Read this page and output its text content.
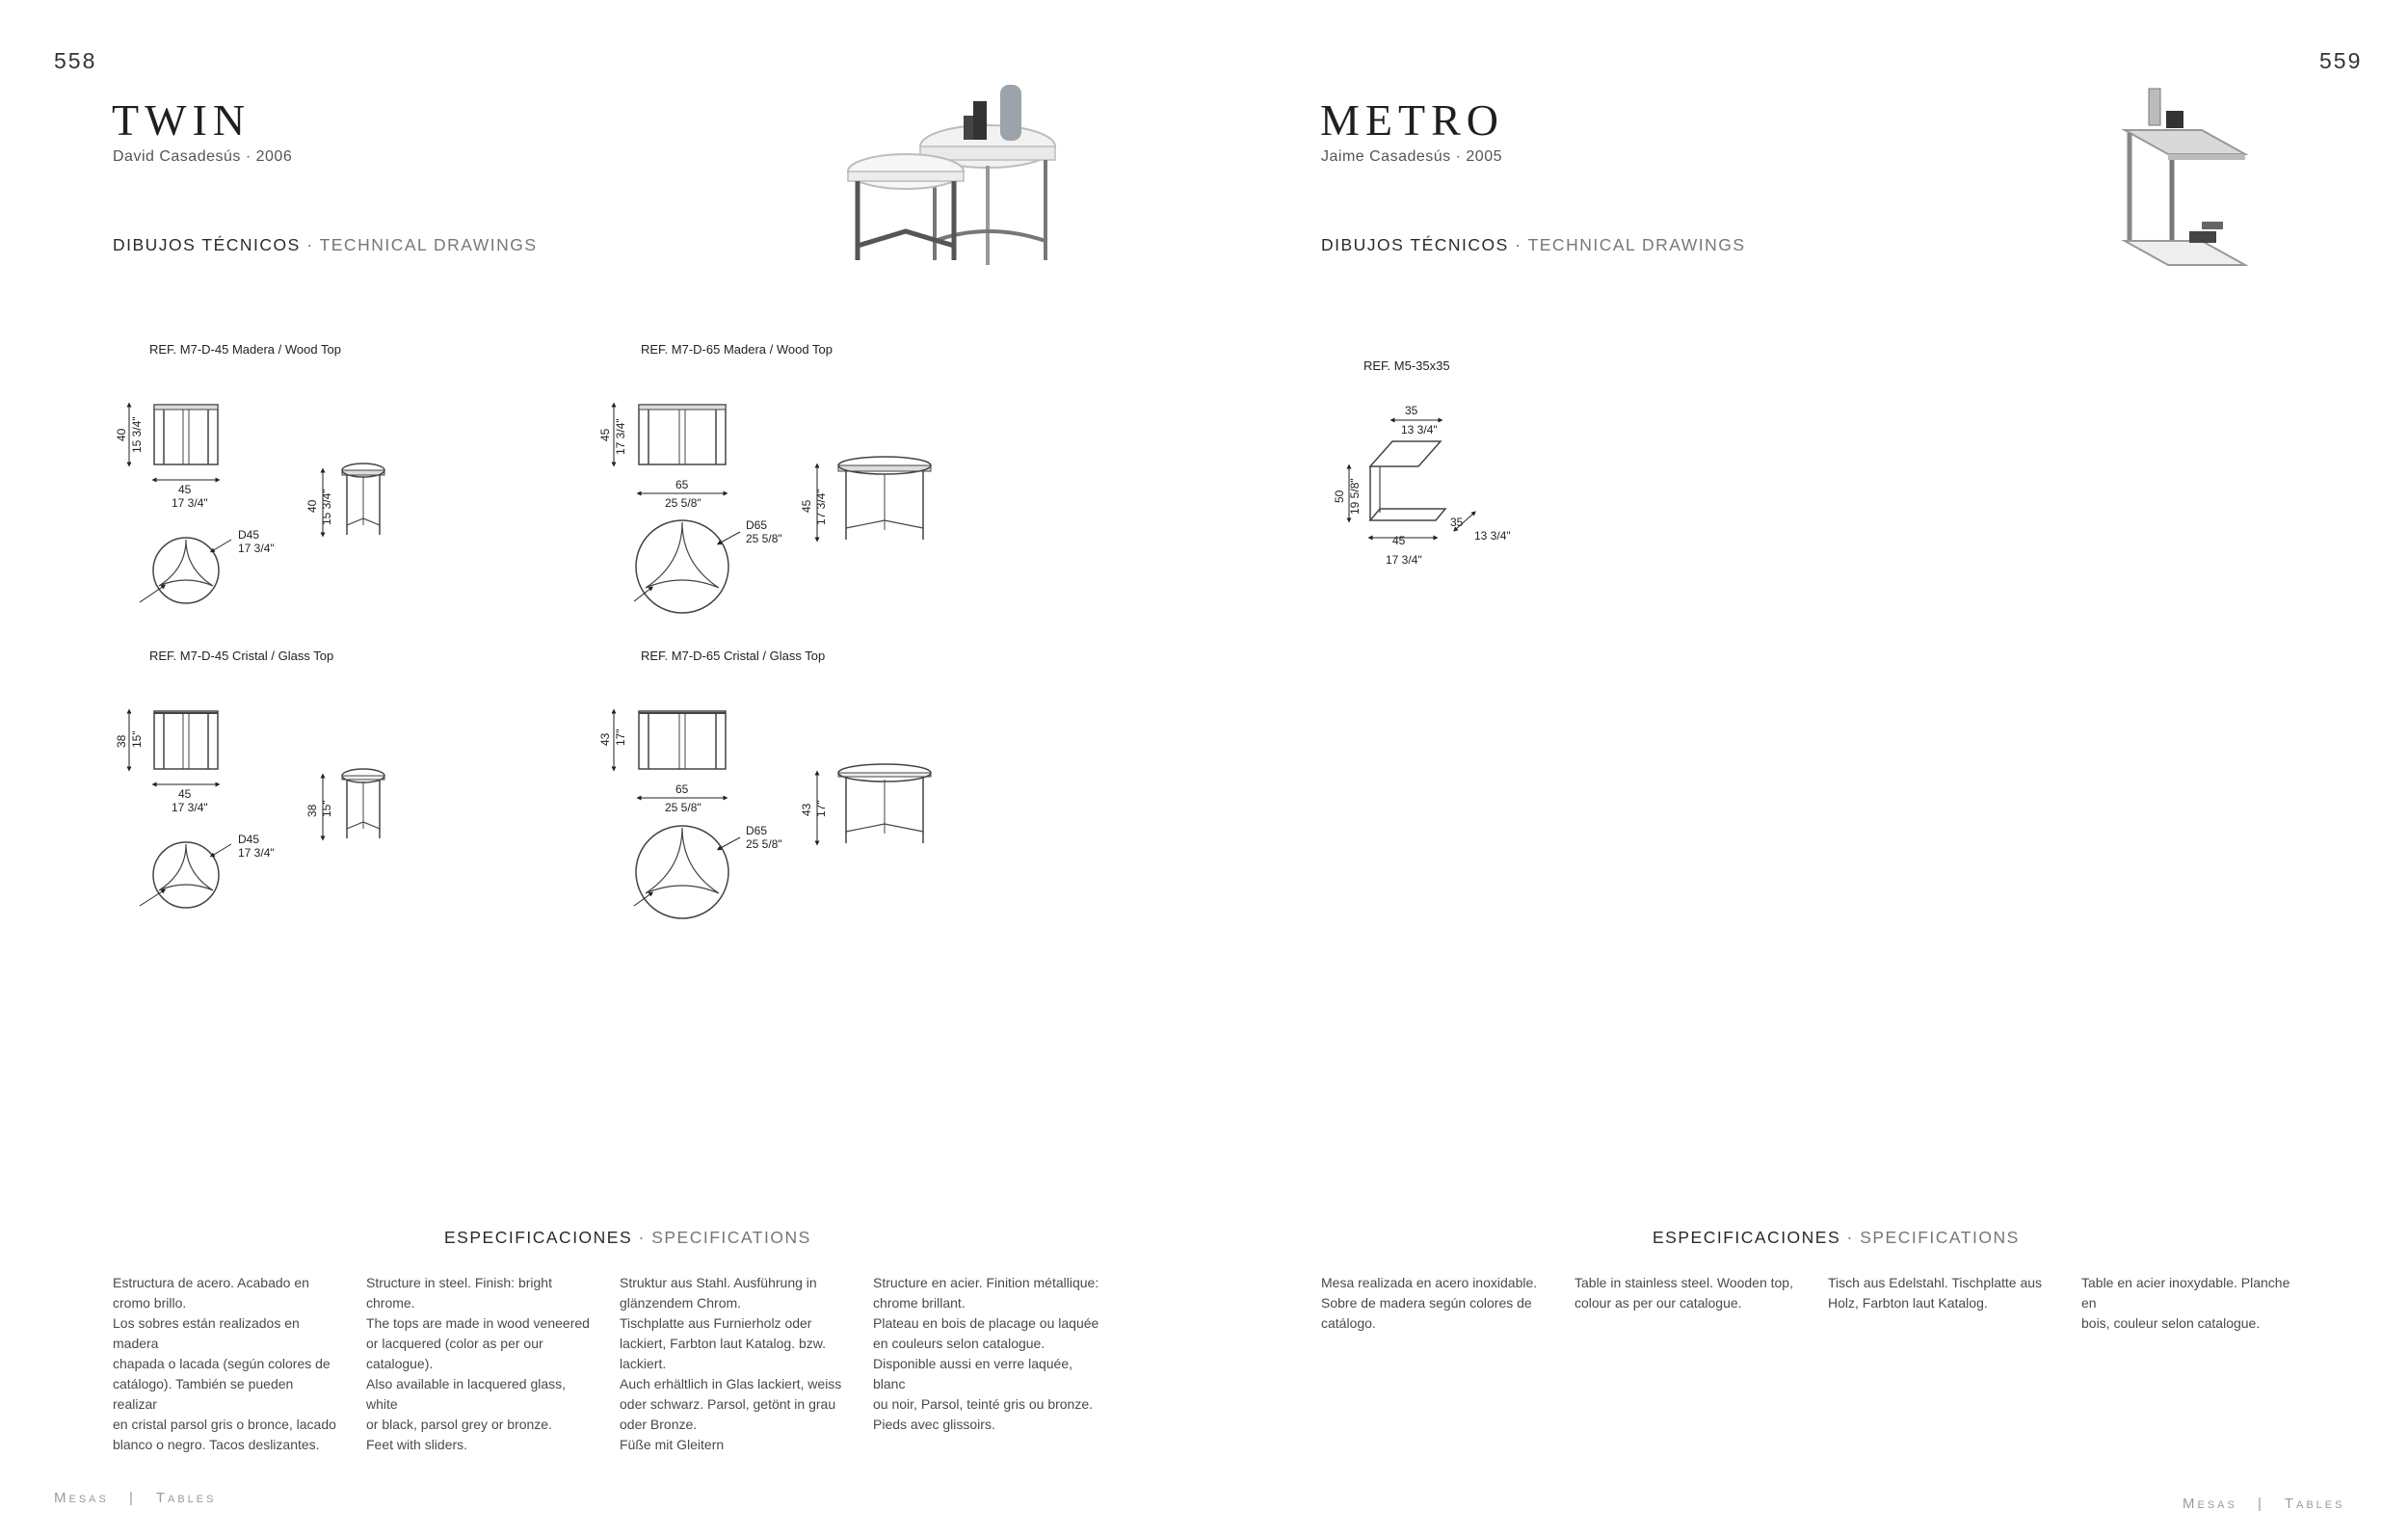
558	559
TWIN
David Casadesús · 2006
DIBUJOS TÉCNICOS · TECHNICAL DRAWINGS
REF. M7-D-45 Madera / Wood Top
40 15 3/4"
45
17 3/4"	40 15 3/4"
D45
17 3/4"
REF. M7-D-65 Madera / Wood Top
45 17 3/4"
65
25 5/8"	45 17 3/4"
D65
25 5/8"
REF. M7-D-45 Cristal / Glass Top
38 15"
45
17 3/4"	38 15"
D45
17 3/4"
REF. M7-D-65 Cristal / Glass Top
43 17"
65
25 5/8"	43 17"
D65
25 5/8"
ESPECIFICACIONES · SPECIFICATIONS
Estructura de acero. Acabado en
cromo brillo.
Los sobres están realizados en madera
chapada o lacada (según colores de
catálogo). También se pueden realizar
en cristal parsol gris o bronce, lacado
blanco o negro. Tacos deslizantes.
Structure in steel. Finish: bright chrome.
The tops are made in wood veneered
or lacquered (color as per our
catalogue).
Also available in lacquered glass, white
or black, parsol grey or bronze.
Feet with sliders.
Struktur aus Stahl. Ausführung in
glänzendem Chrom.
Tischplatte aus Furnierholz oder
lackiert, Farbton laut Katalog. bzw.
lackiert.
Auch erhältlich in Glas lackiert, weiss
oder schwarz. Parsol, getönt in grau
oder Bronze.
Füße mit Gleitern
Structure en acier. Finition métallique:
chrome brillant.
Plateau en bois de placage ou laquée
en couleurs selon catalogue.
Disponible aussi en verre laquée, blanc
ou noir, Parsol, teinté gris ou bronze.
Pieds avec glissoirs.
Mesas | Tables
METRO
Jaime Casadesús · 2005
DIBUJOS TÉCNICOS · TECHNICAL DRAWINGS
REF. M5-35x35
35
13 3/4"
50 19 5/8"
45
17 3/4"
35
13 3/4"
ESPECIFICACIONES · SPECIFICATIONS
Mesa realizada en acero inoxidable.
Sobre de madera según colores de
catálogo.
Table in stainless steel. Wooden top,
colour as per our catalogue.
Tisch aus Edelstahl. Tischplatte aus
Holz, Farbton laut Katalog.
Table en acier inoxydable. Planche en
bois, couleur selon catalogue.
Mesas | Tables
